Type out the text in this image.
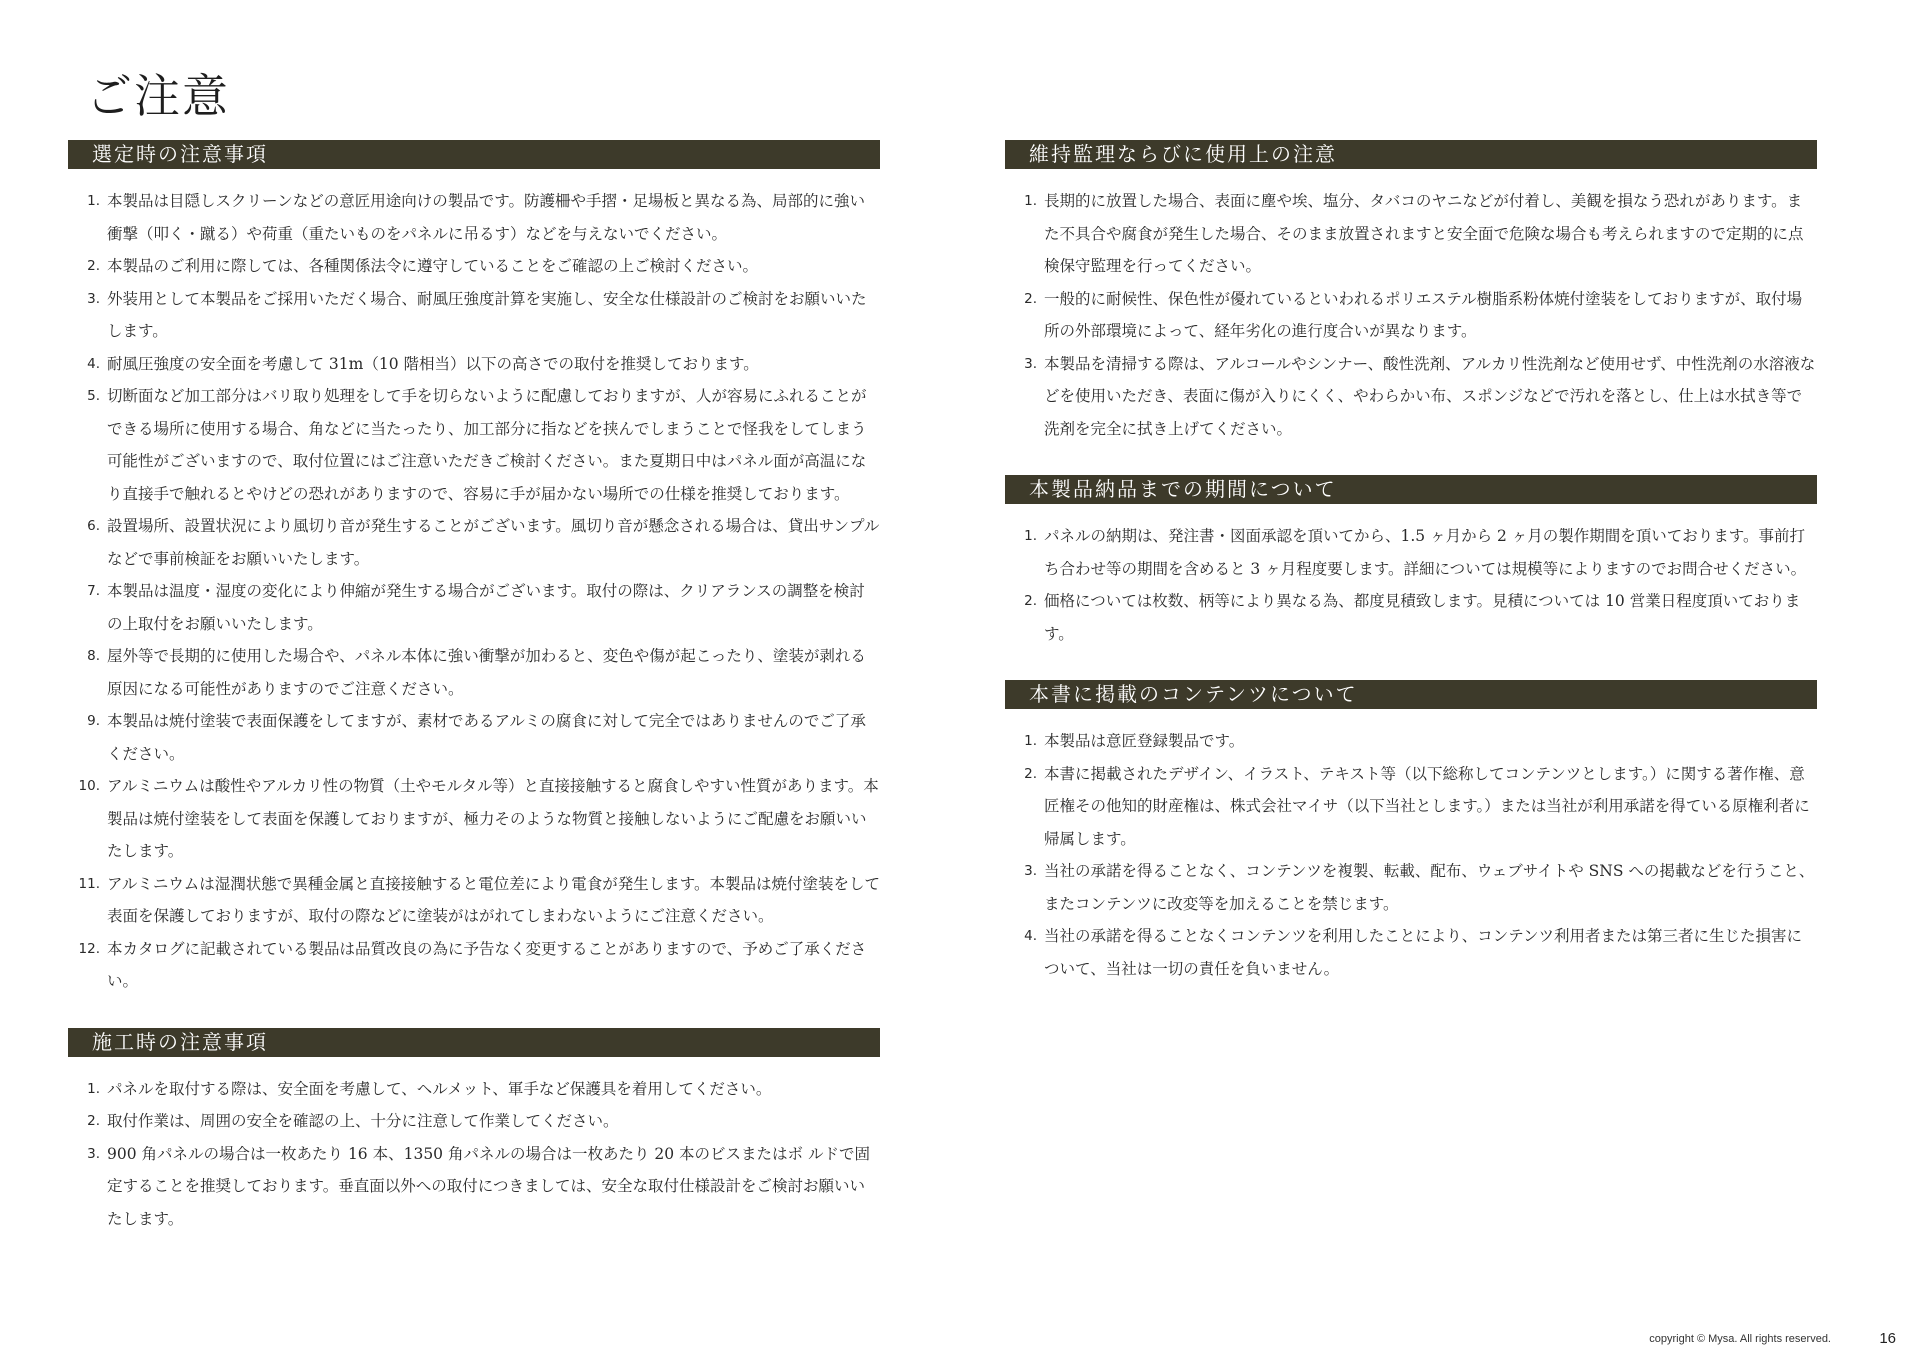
ご注意
選定時の注意事項
1. 本製品は目隠しスクリーンなどの意匠用途向けの製品です。防護柵や手摺・足場板と異なる為、局部的に強い衝撃（叩く・蹴る）や荷重（重たいものをパネルに吊るす）などを与えないでください。
2. 本製品のご利用に際しては、各種関係法令に遵守していることをご確認の上ご検討ください。
3. 外装用として本製品をご採用いただく場合、耐風圧強度計算を実施し、安全な仕様設計のご検討をお願いいたします。
4. 耐風圧強度の安全面を考慮して 31m（10 階相当）以下の高さでの取付を推奨しております。
5. 切断面など加工部分はバリ取り処理をして手を切らないように配慮しておりますが、人が容易にふれることができる場所に使用する場合、角などに当たったり、加工部分に指などを挟んでしまうことで怪我をしてしまう可能性がございますので、取付位置にはご注意いただきご検討ください。また夏期日中はパネル面が高温になり直接手で触れるとやけどの恐れがありますので、容易に手が届かない場所での仕様を推奨しております。
6. 設置場所、設置状況により風切り音が発生することがございます。風切り音が懸念される場合は、貸出サンプルなどで事前検証をお願いいたします。
7. 本製品は温度・湿度の変化により伸縮が発生する場合がございます。取付の際は、クリアランスの調整を検討の上取付をお願いいたします。
8. 屋外等で長期的に使用した場合や、パネル本体に強い衝撃が加わると、変色や傷が起こったり、塗装が剥れる原因になる可能性がありますのでご注意ください。
9. 本製品は焼付塗装で表面保護をしてますが、素材であるアルミの腐食に対して完全ではありませんのでご了承ください。
10. アルミニウムは酸性やアルカリ性の物質（土やモルタル等）と直接接触すると腐食しやすい性質があります。本製品は焼付塗装をして表面を保護しておりますが、極力そのような物質と接触しないようにご配慮をお願いいたします。
11. アルミニウムは湿潤状態で異種金属と直接接触すると電位差により電食が発生します。本製品は焼付塗装をして表面を保護しておりますが、取付の際などに塗装がはがれてしまわないようにご注意ください。
12. 本カタログに記載されている製品は品質改良の為に予告なく変更することがありますので、予めご了承ください。
施工時の注意事項
1. パネルを取付する際は、安全面を考慮して、ヘルメット、軍手など保護具を着用してください。
2. 取付作業は、周囲の安全を確認の上、十分に注意して作業してください。
3. 900 角パネルの場合は一枚あたり 16 本、1350 角パネルの場合は一枚あたり 20 本のビスまたはボ ルドで固定することを推奨しております。垂直面以外への取付につきましては、安全な取付仕様設計をご検討お願いいたします。
維持監理ならびに使用上の注意
1. 長期的に放置した場合、表面に塵や埃、塩分、タバコのヤニなどが付着し、美観を損なう恐れがあります。また不具合や腐食が発生した場合、そのまま放置されますと安全面で危険な場合も考えられますので定期的に点検保守監理を行ってください。
2. 一般的に耐候性、保色性が優れているといわれるポリエステル樹脂系粉体焼付塗装をしておりますが、取付場所の外部環境によって、経年劣化の進行度合いが異なります。
3. 本製品を清掃する際は、アルコールやシンナー、酸性洗剤、アルカリ性洗剤など使用せず、中性洗剤の水溶液などを使用いただき、表面に傷が入りにくく、やわらかい布、スポンジなどで汚れを落とし、仕上は水拭き等で洗剤を完全に拭き上げてください。
本製品納品までの期間について
1. パネルの納期は、発注書・図面承認を頂いてから、1.5 ヶ月から 2 ヶ月の製作期間を頂いております。事前打ち合わせ等の期間を含めると 3 ヶ月程度要します。詳細については規模等によりますのでお問合せください。
2. 価格については枚数、柄等により異なる為、都度見積致します。見積については 10 営業日程度頂いております。
本書に掲載のコンテンツについて
1. 本製品は意匠登録製品です。
2. 本書に掲載されたデザイン、イラスト、テキスト等（以下総称してコンテンツとします。）に関する著作権、意匠権その他知的財産権は、株式会社マイサ（以下当社とします。）または当社が利用承諾を得ている原権利者に帰属します。
3. 当社の承諾を得ることなく、コンテンツを複製、転載、配布、ウェブサイトや SNS への掲載などを行うこと、またコンテンツに改変等を加えることを禁じます。
4. 当社の承諾を得ることなくコンテンツを利用したことにより、コンテンツ利用者または第三者に生じた損害について、当社は一切の責任を負いません。
copyright © Mysa. All rights reserved.	16
